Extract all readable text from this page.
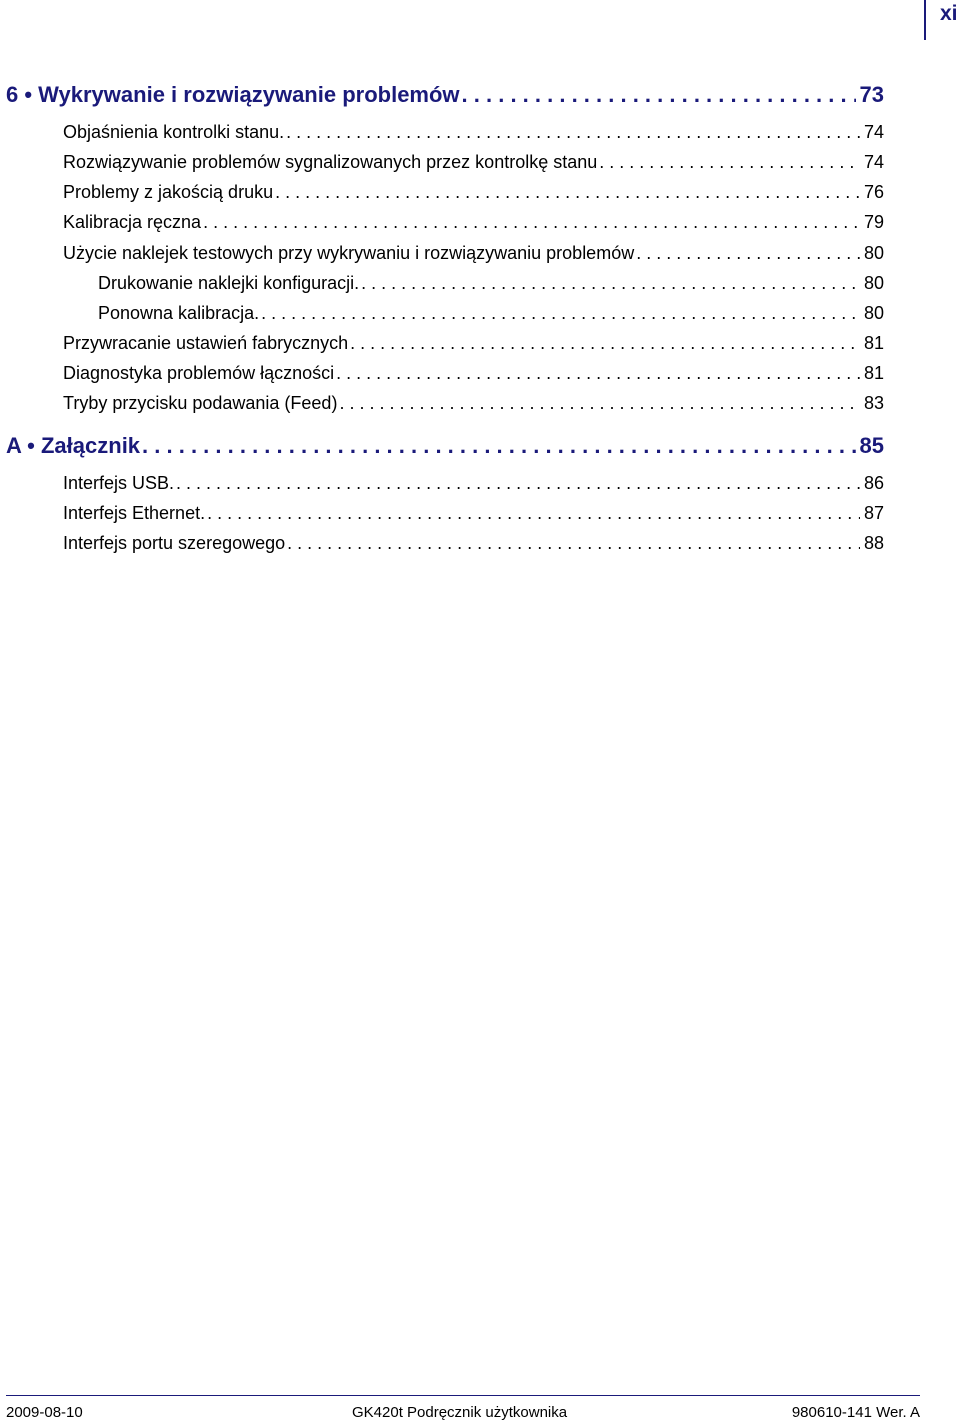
xi
6 • Wykrywanie i rozwiązywanie problemów . . .	73
Objaśnienia kontrolki stanu. . . .	74
Rozwiązywanie problemów sygnalizowanych przez kontrolkę stanu . . .	74
Problemy z jakością druku . . .	76
Kalibracja ręczna . . .	79
Użycie naklejek testowych przy wykrywaniu i rozwiązywaniu problemów . . .	80
Drukowanie naklejki konfiguracji. . . .	80
Ponowna kalibracja. . . .	80
Przywracanie ustawień fabrycznych . . .	81
Diagnostyka problemów łączności . . .	81
Tryby przycisku podawania (Feed) . . .	83
A • Załącznik . . .	85
Interfejs USB. . . .	86
Interfejs Ethernet. . . .	87
Interfejs portu szeregowego . . .	88
2009-08-10	GK420t Podręcznik użytkownika	980610-141 Wer. A
